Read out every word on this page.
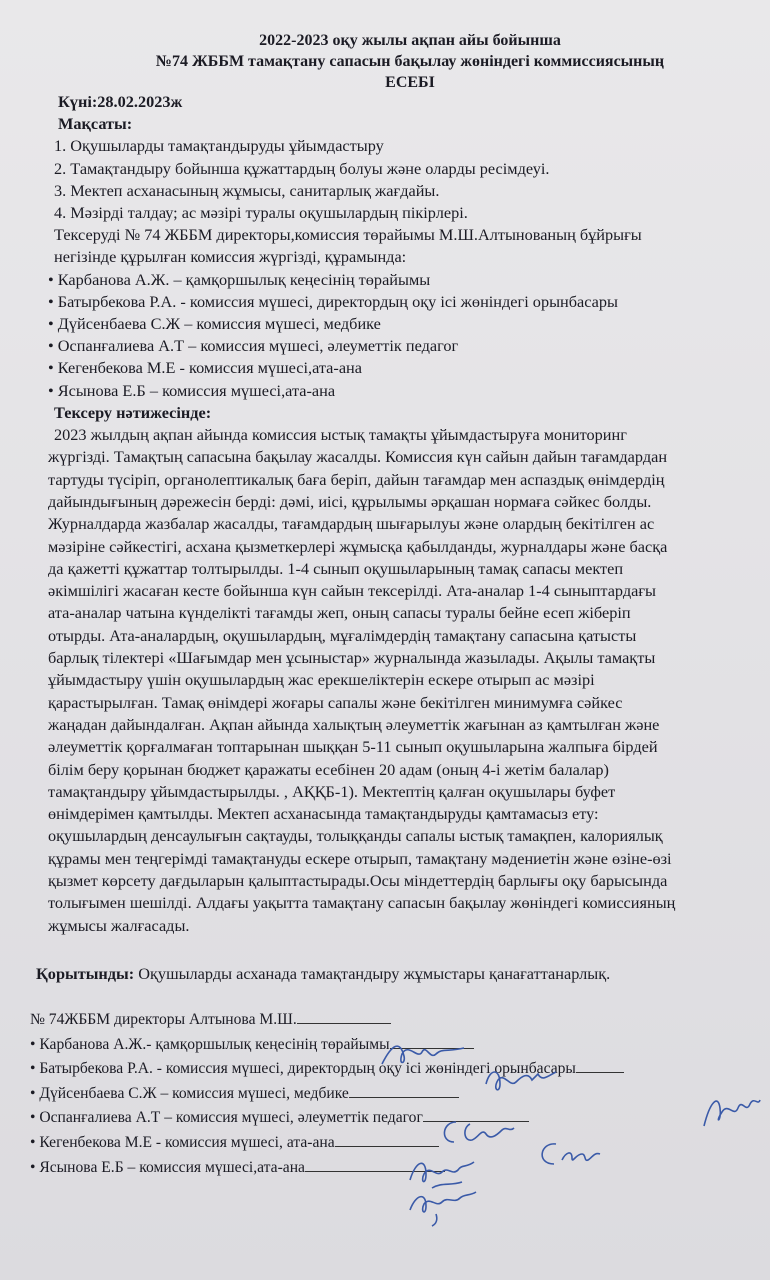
2022-2023 оқу жылы ақпан айы бойынша
№74 ЖББМ тамақтану сапасын бақылау жөніндегі коммиссиясының
ЕСЕБІ
Күні:28.02.2023ж
Мақсаты:
1. Оқушыларды тамақтандыруды ұйымдастыру
2. Тамақтандыру бойынша құжаттардың болуы және оларды ресімдеуі.
3. Мектеп асханасының жұмысы, санитарлық жағдайы.
4. Мәзірді талдау; ас мәзірі туралы оқушылардың пікірлері.
Тексеруді № 74 ЖББМ директоры,комиссия төрайымы М.Ш.Алтынованың бұйрығы
негізінде құрылған комиссия жүргізді, құрамында:
• Карбанова А.Ж. – қамқоршылық кеңесінің төрайымы
• Батырбекова Р.А. - комиссия мүшесі, директордың оқу ісі жөніндегі орынбасары
• Дүйсенбаева С.Ж – комиссия мүшесі, медбике
• Оспанғалиева А.Т – комиссия мүшесі, әлеуметтік педагог
• Кегенбекова М.Е - комиссия мүшесі,ата-ана
• Ясынова Е.Б – комиссия мүшесі,ата-ана
Тексеру нәтижесінде:
2023 жылдың ақпан айында комиссия ыстық тамақты ұйымдастыруға мониторинг
жүргізді. Тамақтың сапасына бақылау жасалды. Комиссия күн сайын дайын тағамдардан
тартуды түсіріп, органолептикалық баға беріп, дайын тағамдар мен аспаздық өнімдердің
дайындығының дәрежесін берді: дәмі, иісі, құрылымы әрқашан нормаға сәйкес болды.
Журналдарда жазбалар жасалды, тағамдардың шығарылуы және олардың бекітілген ас
мәзіріне сәйкестігі, асхана қызметкерлері жұмысқа қабылданды, журналдары және басқа
да қажетті құжаттар толтырылды. 1-4 сынып оқушыларының тамақ сапасы мектеп
әкімшілігі жасаған кесте бойынша күн сайын тексерілді. Ата-аналар 1-4 сыныптардағы
ата-аналар чатына күнделікті тағамды жеп, оның сапасы туралы бейне есеп жіберіп
отырды. Ата-аналардың, оқушылардың, мұғалімдердің тамақтану сапасына қатысты
барлық тілектері «Шағымдар мен ұсыныстар» журналында жазылады. Ақылы тамақты
ұйымдастыру үшін оқушылардың жас ерекшеліктерін ескере отырып ас мәзірі
қарастырылған. Тамақ өнімдері жоғары сапалы және бекітілген минимумға сәйкес
жаңадан дайындалған. Ақпан айында халықтың әлеуметтік жағынан аз қамтылған және
әлеуметтік қорғалмаған топтарынан шыққан 5-11 сынып оқушыларына жалпыға бірдей
білім беру қорынан бюджет қаражаты есебінен 20 адам (оның 4-і жетім балалар)
тамақтандыру ұйымдастырылды. , АҚҚБ-1). Мектептің қалған оқушылары буфет
өнімдерімен қамтылды. Мектеп асханасында тамақтандыруды қамтамасыз ету:
оқушылардың денсаулығын сақтауды, толыққанды сапалы ыстық тамақпен, калориялық
құрамы мен теңгерімді тамақтануды ескере отырып, тамақтану мәдениетін және өзіне-өзі
қызмет көрсету дағдыларын қалыптастырады.Осы міндеттердің барлығы оқу барысында
толығымен шешілді. Алдағы уақытта тамақтану сапасын бақылау жөніндегі комиссияның
жұмысы жалғасады.
Қорытынды: Оқушыларды асханада тамақтандыру жұмыстары қанағаттанарлық.
№ 74ЖББМ директоры Алтынова М.Ш.
• Карбанова А.Ж.- қамқоршылық кеңесінің төрайымы
• Батырбекова Р.А. - комиссия мүшесі, директордың оқу ісі жөніндегі орынбасары
• Дүйсенбаева С.Ж – комиссия мүшесі, медбике
• Оспанғалиева А.Т – комиссия мүшесі, әлеуметтік педагог
• Кегенбекова М.Е - комиссия мүшесі, ата-ана
• Ясынова Е.Б – комиссия мүшесі,ата-ана
